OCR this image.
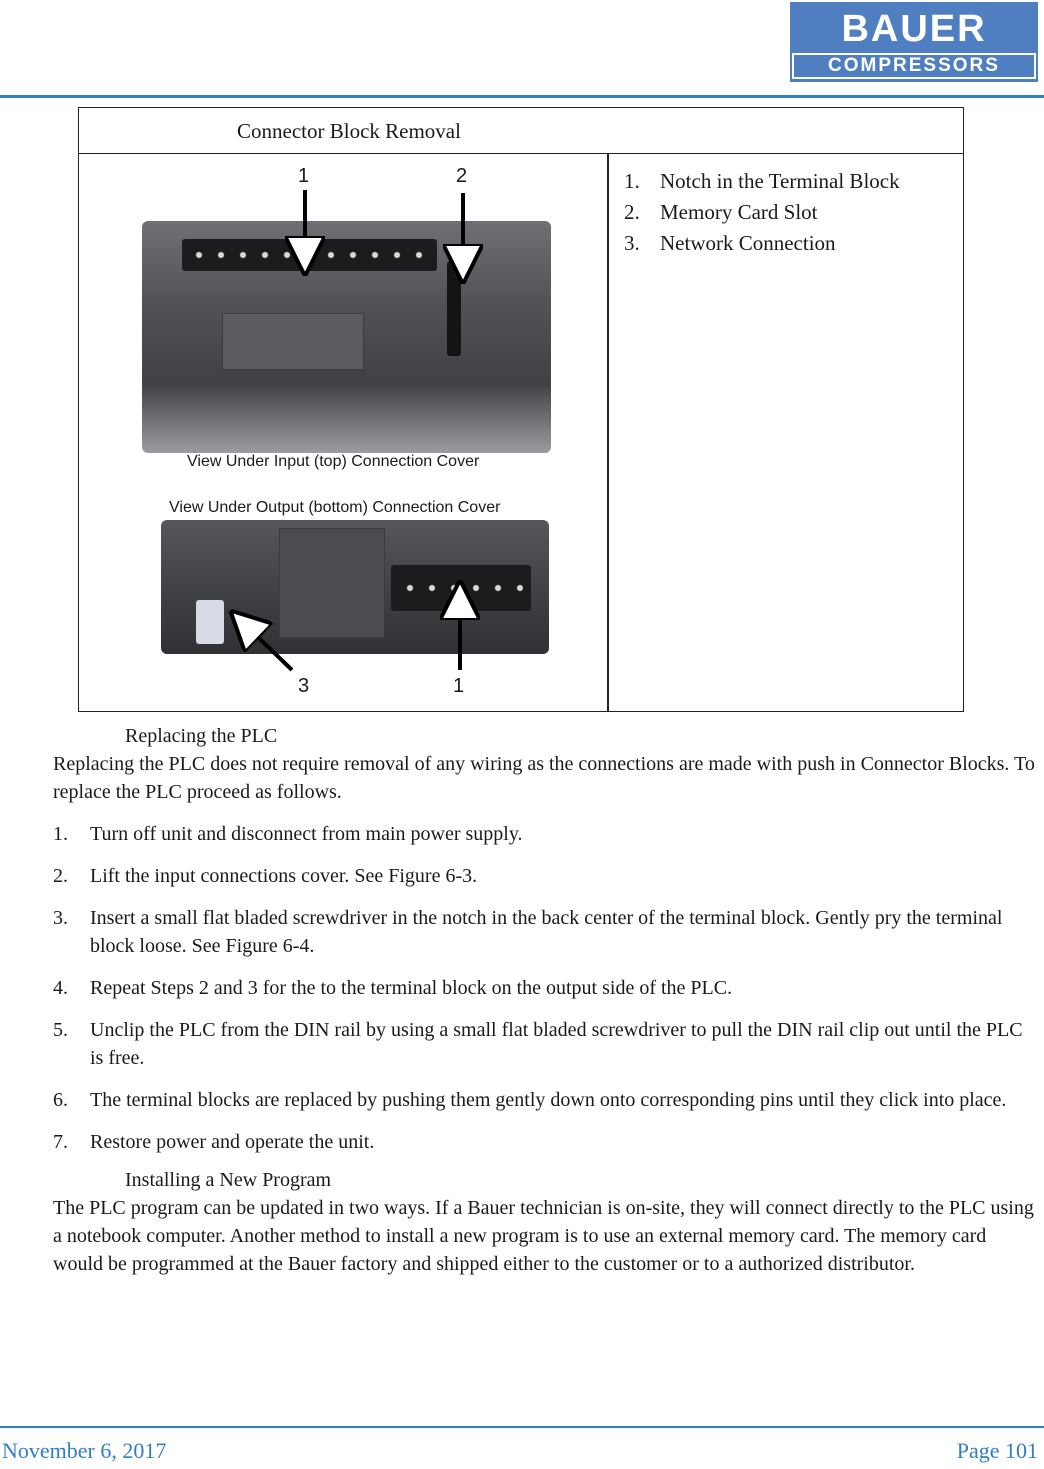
BAUER
COMPRESSORS
Connector Block Removal
View Under Input (top) Connection Cover
View Under Output (bottom) Connection Cover
1	2
3	1
1. Notch in the Terminal Block
2. Memory Card Slot
3. Network Connection

Replacing the PLC

Replacing the PLC does not require removal of any wiring as the connections are made with push in Connector Blocks. To replace the PLC proceed as follows.

1. Turn off unit and disconnect from main power supply.
2. Lift the input connections cover. See Figure 6-3.
3. Insert a small flat bladed screwdriver in the notch in the back center of the terminal block. Gently pry the terminal block loose. See Figure 6-4.
4. Repeat Steps 2 and 3 for the to the terminal block on the output side of the PLC.
5. Unclip the PLC from the DIN rail by using a small flat bladed screwdriver to pull the DIN rail clip out until the PLC is free.
6. The terminal blocks are replaced by pushing them gently down onto corresponding pins until they click into place.
7. Restore power and operate the unit.

Installing a New Program

The PLC program can be updated in two ways. If a Bauer technician is on-site, they will connect directly to the PLC using a notebook computer. Another method to install a new program is to use an external memory card. The memory card would be programmed at the Bauer factory and shipped either to the customer or to a authorized distributor.

November 6, 2017	Page 101
